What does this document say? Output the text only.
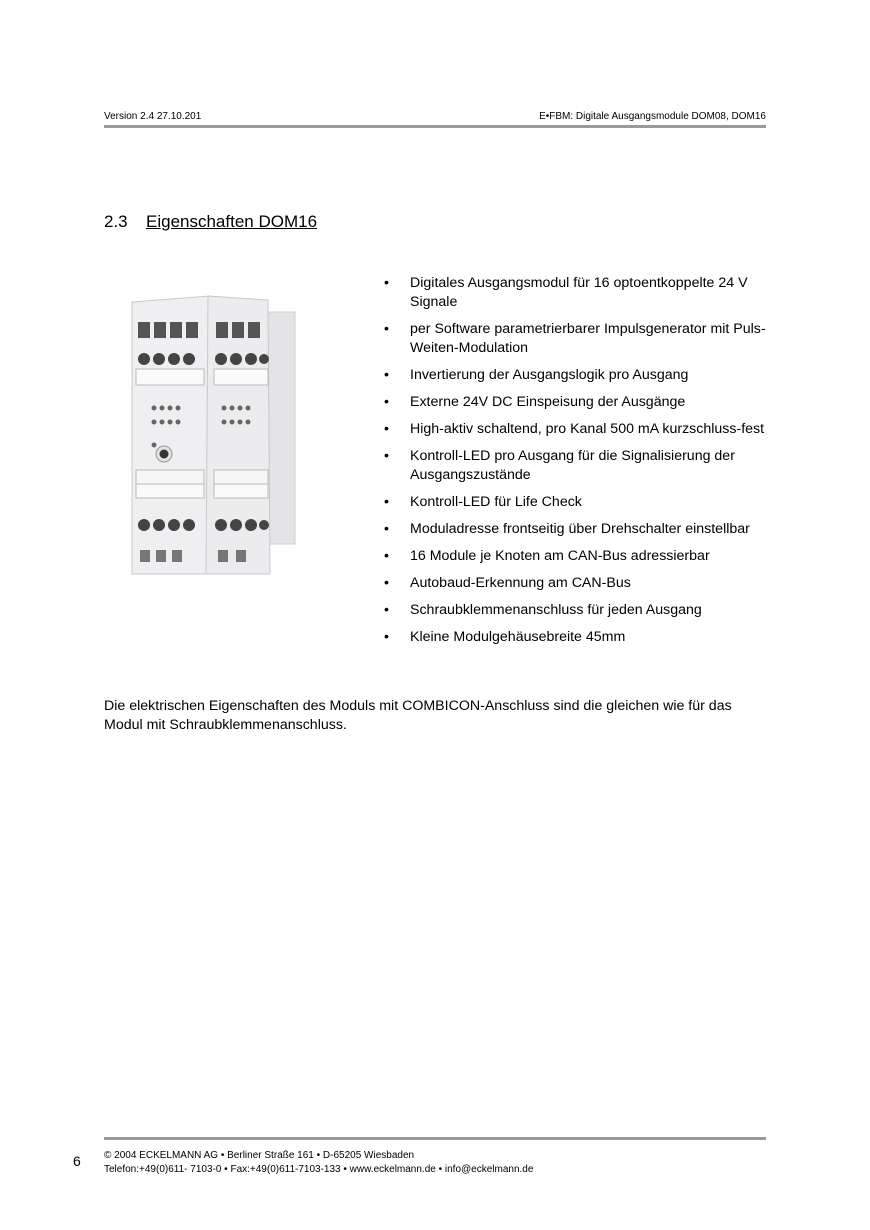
Version 2.4 27.10.201	E•FBM: Digitale Ausgangsmodule DOM08, DOM16
2.3 Eigenschaften DOM16
• Digitales Ausgangsmodul für 16 optoentkoppelte 24 V Signale
• per Software parametrierbarer Impulsgenerator mit Puls-Weiten-Modulation
• Invertierung der Ausgangslogik pro Ausgang
• Externe 24V DC Einspeisung der Ausgänge
• High-aktiv schaltend, pro Kanal 500 mA kurzschluss-fest
• Kontroll-LED pro Ausgang für die Signalisierung der Ausgangszustände
• Kontroll-LED für Life Check
• Moduladresse frontseitig über Drehschalter einstellbar
• 16 Module je Knoten am CAN-Bus adressierbar
• Autobaud-Erkennung am CAN-Bus
• Schraubklemmenanschluss für jeden Ausgang
• Kleine Modulgehäusebreite 45mm
Die elektrischen Eigenschaften des Moduls mit COMBICON-Anschluss sind die gleichen wie für das Modul mit Schraubklemmenanschluss.
6 © 2004 ECKELMANN AG • Berliner Straße 161 • D-65205 Wiesbaden
Telefon:+49(0)611- 7103-0 • Fax:+49(0)611-7103-133 • www.eckelmann.de • info@eckelmann.de
